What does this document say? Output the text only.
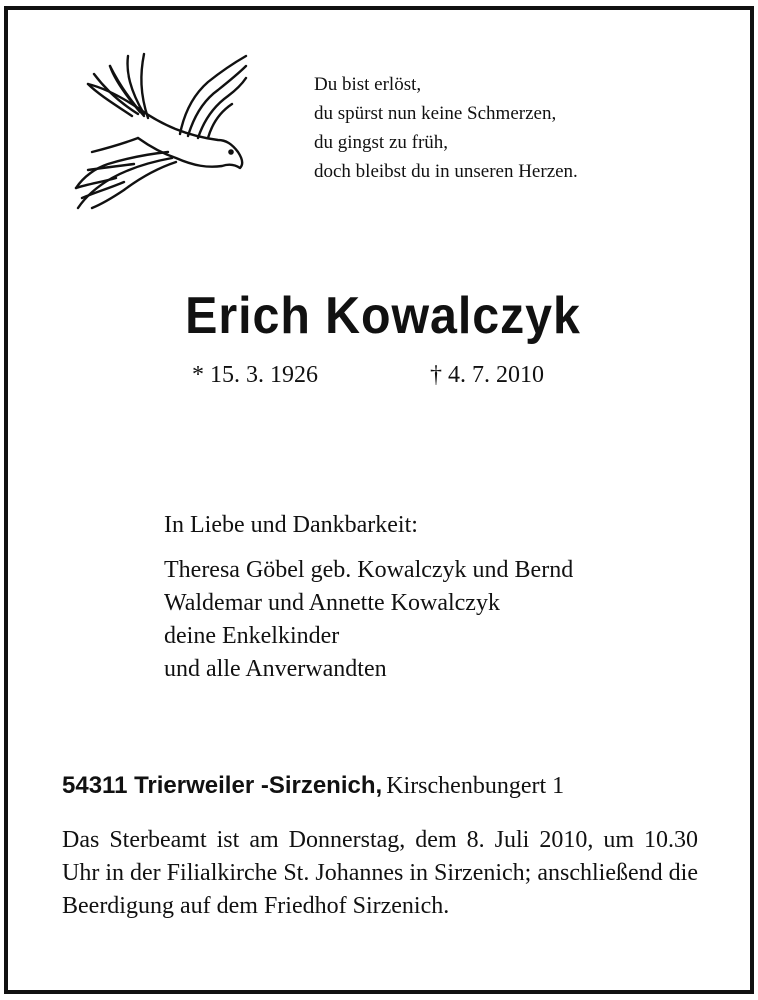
Du bist erlöst,
du spürst nun keine Schmerzen,
du gingst zu früh,
doch bleibst du in unseren Herzen.
Erich Kowalczyk
* 15. 3. 1926	† 4. 7. 2010
In Liebe und Dankbarkeit:
Theresa Göbel geb. Kowalczyk und Bernd
Waldemar und Annette Kowalczyk
deine Enkelkinder
und alle Anverwandten
54311 Trierweiler -Sirzenich, Kirschenbungert 1
Das Sterbeamt ist am Donnerstag, dem 8. Juli 2010, um 10.30 Uhr in der Filialkirche St. Johannes in Sirzenich; anschließend die Beerdigung auf dem Friedhof Sirzenich.
